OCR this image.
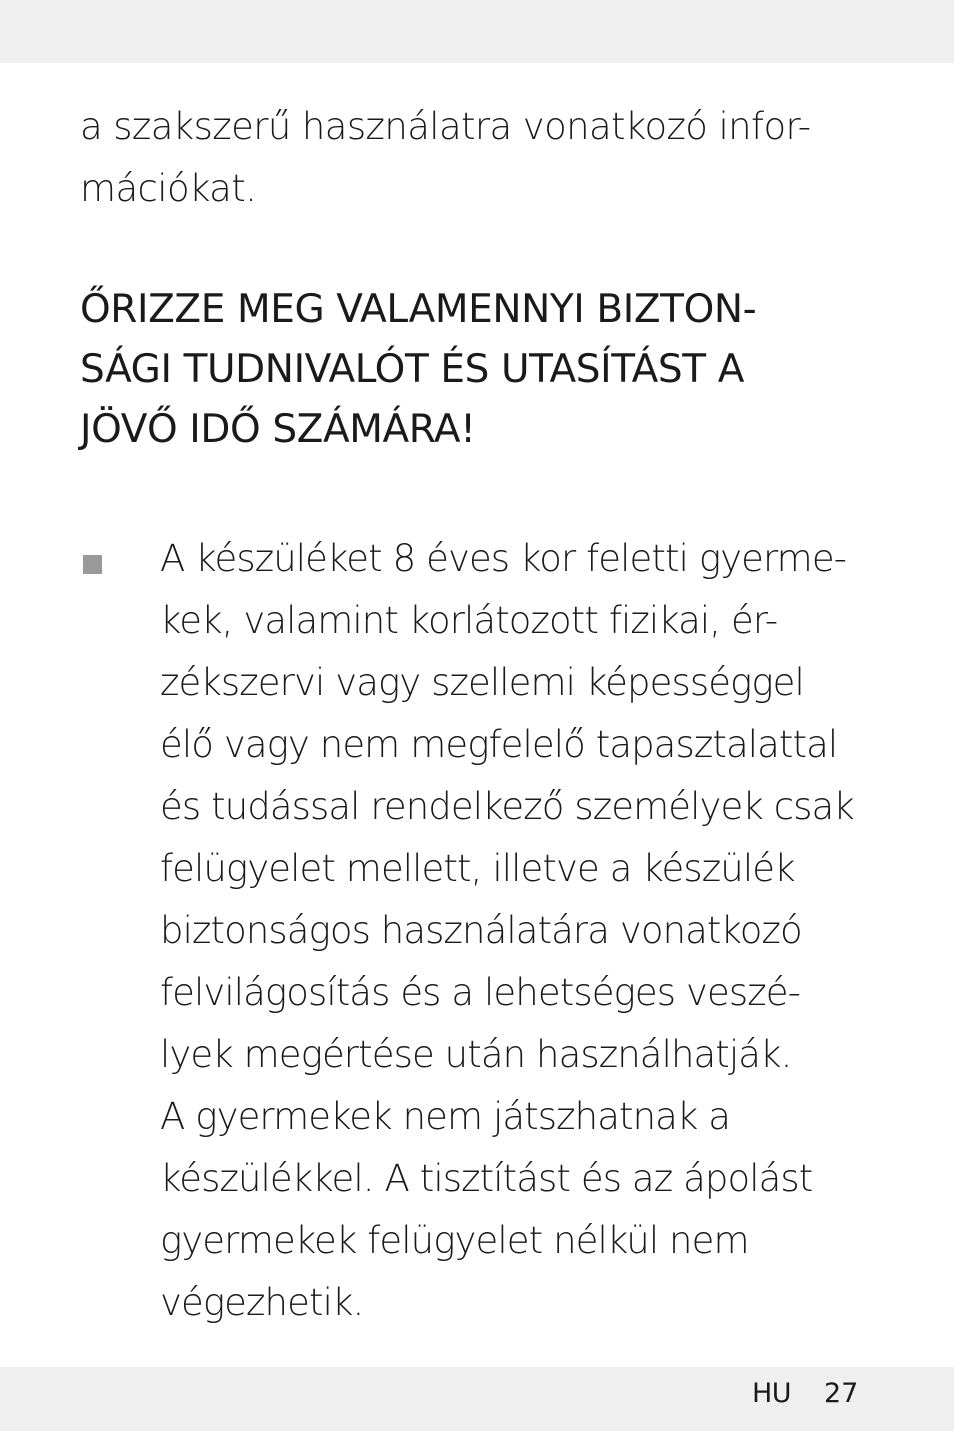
a szakszerű használatra vonatkozó infor-
mációkat.
ŐRIZZE MEG VALAMENNYI BIZTON-
SÁGI TUDNIVALÓT ÉS UTASÍTÁST A
JÖVŐ IDŐ SZÁMÁRA!
A készüléket 8 éves kor feletti gyerme-
kek, valamint korlátozott fizikai, ér-
zékszervi vagy szellemi képességgel
élő vagy nem megfelelő tapasztalattal
és tudással rendelkező személyek csak
felügyelet mellett, illetve a készülék
biztonságos használatára vonatkozó
felvilágosítás és a lehetséges veszé-
lyek megértése után használhatják.
A gyermekek nem játszhatnak a
készülékkel. A tisztítást és az ápolást
gyermekek felügyelet nélkül nem
végezhetik.
HU 27
